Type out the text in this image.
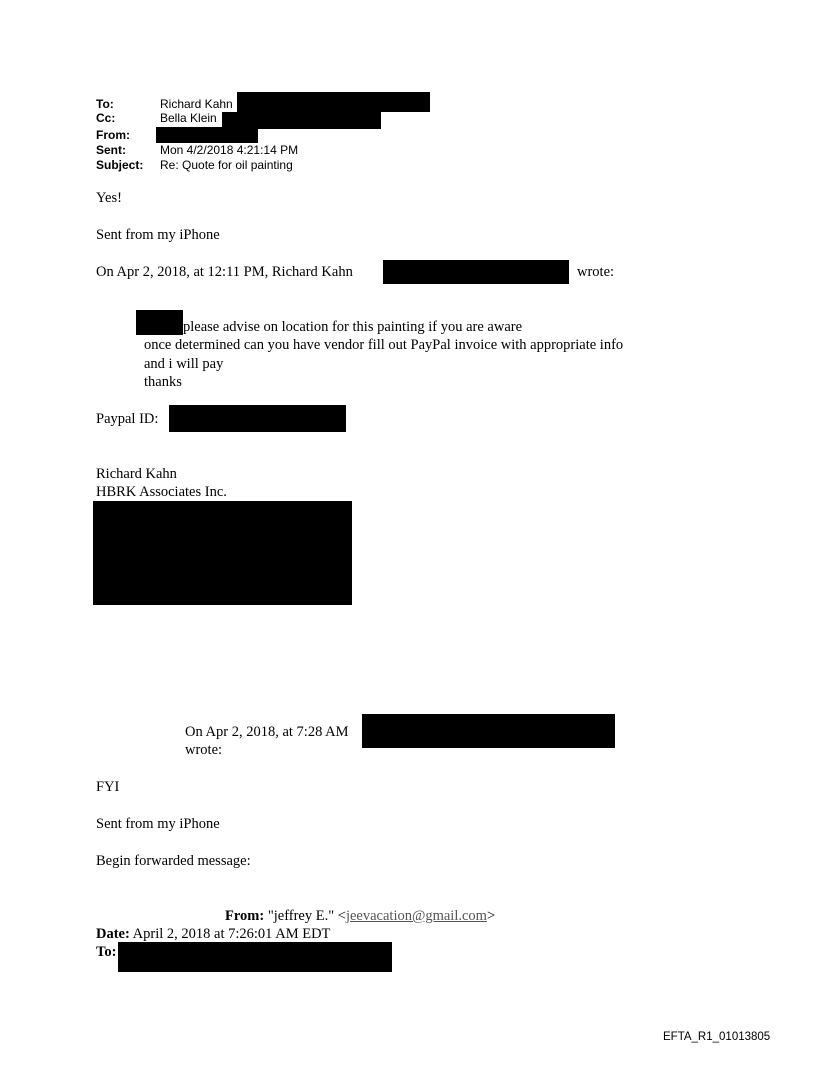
To:	Richard Kahn
Cc:	Bella Klein
From:
Sent:	Mon 4/2/2018 4:21:14 PM
Subject: Re: Quote for oil painting
Yes!
Sent from my iPhone
On Apr 2, 2018, at 12:11 PM, Richard Kahn	wrote:
please advise on location for this painting if you are aware
once determined can you have vendor fill out PayPal invoice with appropriate info
and i will pay
thanks
Paypal ID:
Richard Kahn
HBRK Associates Inc.
On Apr 2, 2018, at 7:28 AM
wrote:
FYI
Sent from my iPhone
Begin forwarded message:
From: "jeffrey E." <jeevacation@gmail.com>
Date: April 2, 2018 at 7:26:01 AM EDT
To:
EFTA_R1_01013805
